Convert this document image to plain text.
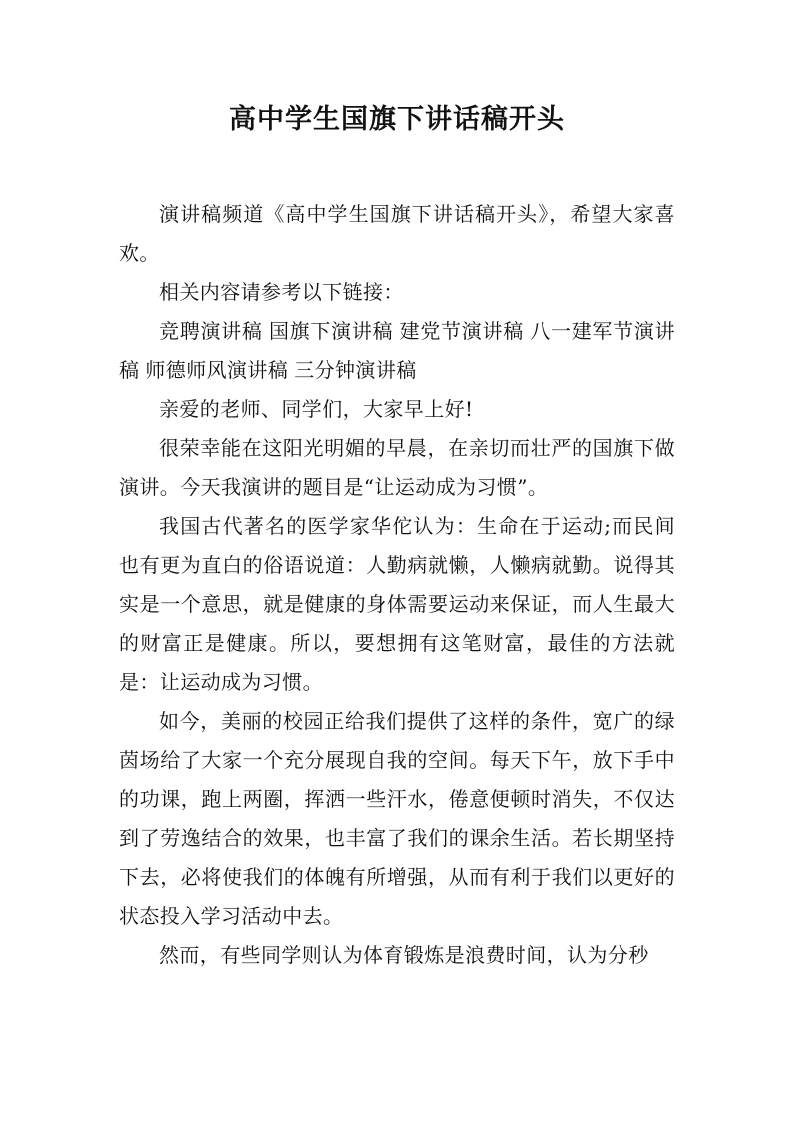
高中学生国旗下讲话稿开头

演讲稿频道《高中学生国旗下讲话稿开头》，希望大家喜欢。

相关内容请参考以下链接：

竞聘演讲稿 国旗下演讲稿 建党节演讲稿 八一建军节演讲稿 师德师风演讲稿 三分钟演讲稿

亲爱的老师、同学们，大家早上好!

很荣幸能在这阳光明媚的早晨，在亲切而壮严的国旗下做演讲。今天我演讲的题目是“让运动成为习惯”。

我国古代著名的医学家华佗认为：生命在于运动;而民间也有更为直白的俗语说道：人勤病就懒，人懒病就勤。说得其实是一个意思，就是健康的身体需要运动来保证，而人生最大的财富正是健康。所以，要想拥有这笔财富，最佳的方法就是：让运动成为习惯。

如今，美丽的校园正给我们提供了这样的条件，宽广的绿茵场给了大家一个充分展现自我的空间。每天下午，放下手中的功课，跑上两圈，挥洒一些汗水，倦意便顿时消失，不仅达到了劳逸结合的效果，也丰富了我们的课余生活。若长期坚持下去，必将使我们的体魄有所增强，从而有利于我们以更好的状态投入学习活动中去。

然而，有些同学则认为体育锻炼是浪费时间，认为分秒
